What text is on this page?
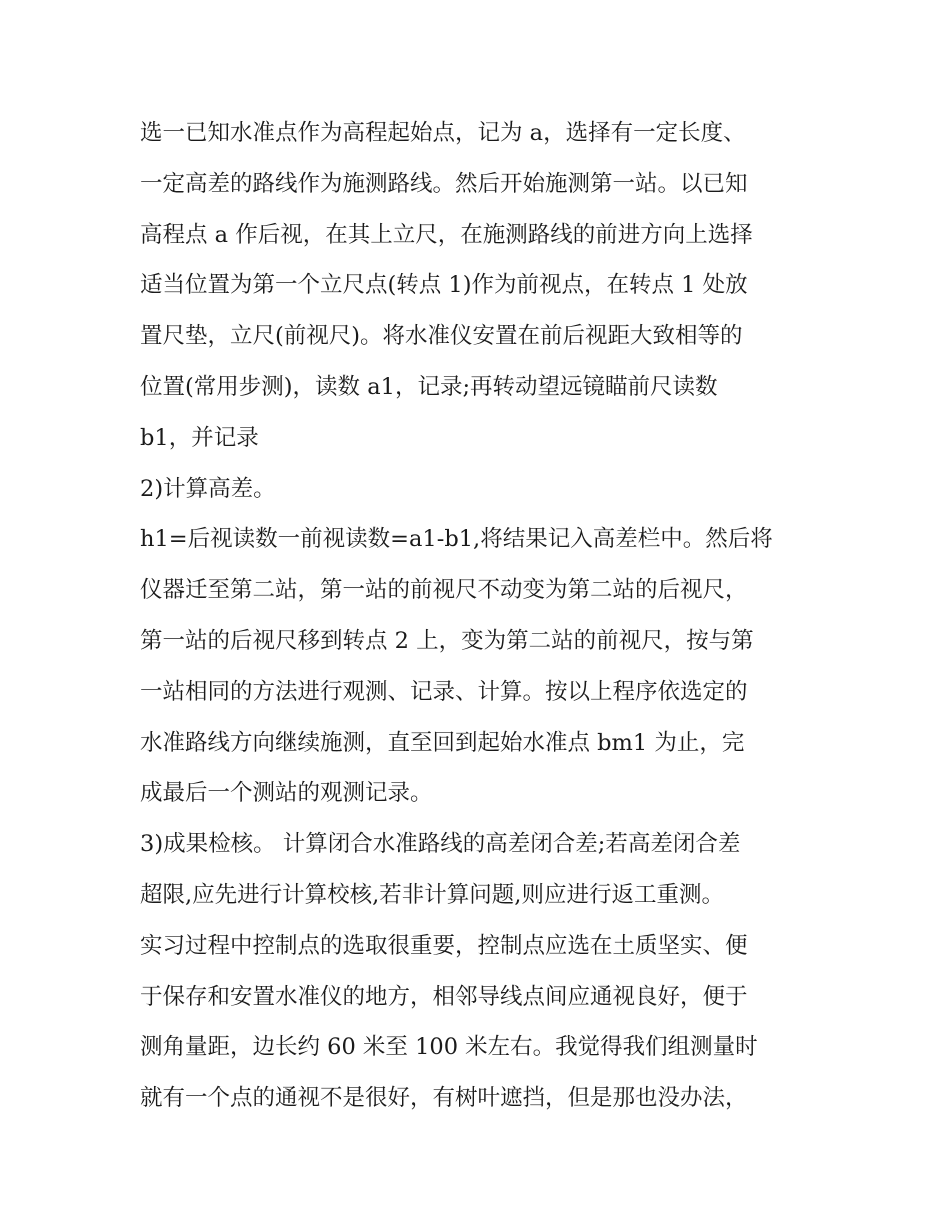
选一已知水准点作为高程起始点，记为 a，选择有一定长度、
一定高差的路线作为施测路线。然后开始施测第一站。以已知
高程点 a 作后视，在其上立尺，在施测路线的前进方向上选择
适当位置为第一个立尺点(转点 1)作为前视点，在转点 1 处放
置尺垫，立尺(前视尺)。将水准仪安置在前后视距大致相等的
位置(常用步测)，读数 a1，记录;再转动望远镜瞄前尺读数
b1，并记录
2)计算高差。
h1=后视读数一前视读数=a1-b1,将结果记入高差栏中。然后将
仪器迁至第二站，第一站的前视尺不动变为第二站的后视尺，
第一站的后视尺移到转点 2 上，变为第二站的前视尺，按与第
一站相同的方法进行观测、记录、计算。按以上程序依选定的
水准路线方向继续施测，直至回到起始水准点 bm1 为止，完
成最后一个测站的观测记录。
3)成果检核。 计算闭合水准路线的高差闭合差;若高差闭合差
超限,应先进行计算校核,若非计算问题,则应进行返工重测。
实习过程中控制点的选取很重要，控制点应选在土质坚实、便
于保存和安置水准仪的地方，相邻导线点间应通视良好，便于
测角量距，边长约 60 米至 100 米左右。我觉得我们组测量时
就有一个点的通视不是很好，有树叶遮挡，但是那也没办法，
